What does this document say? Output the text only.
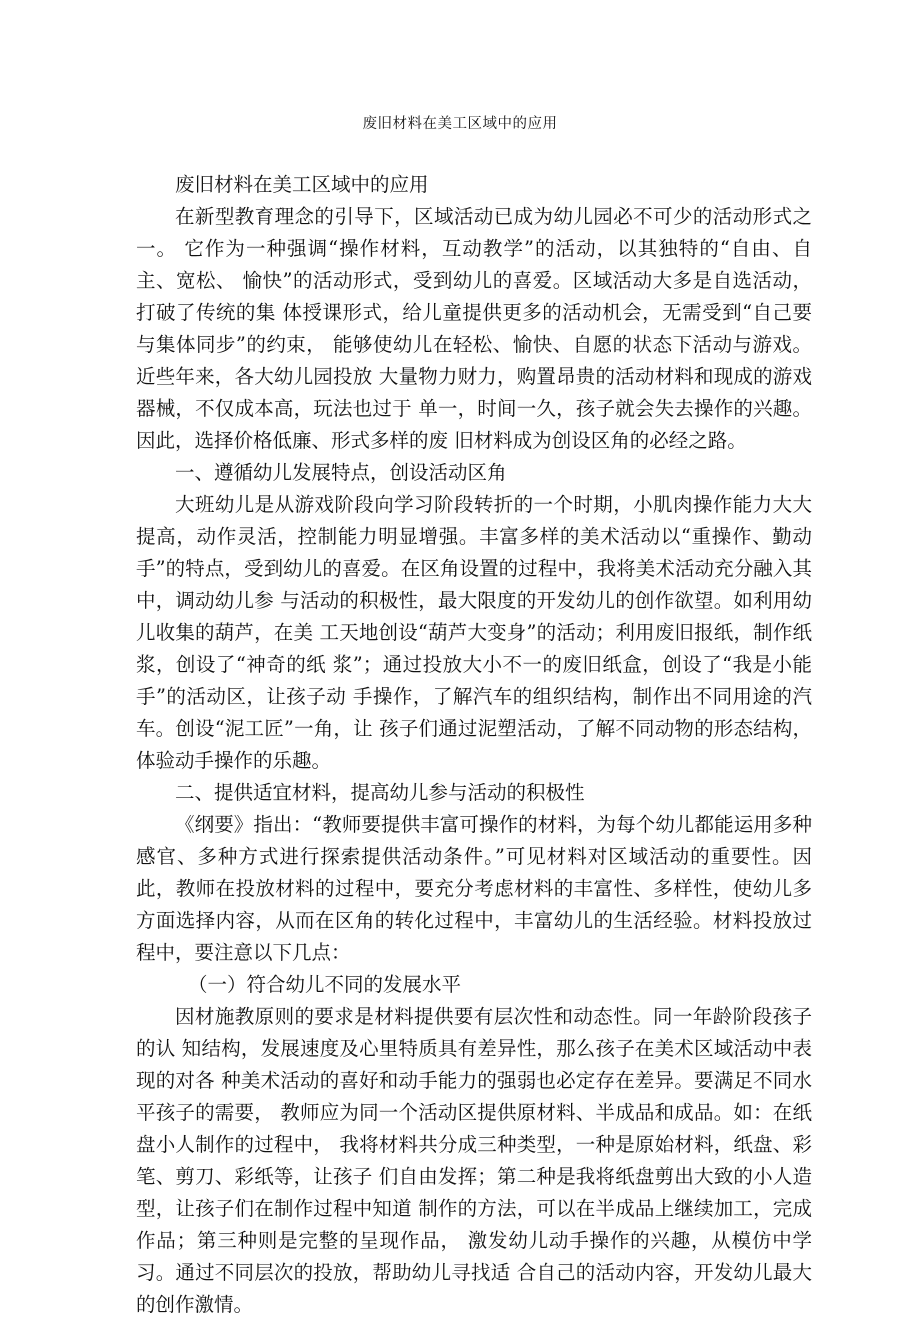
废旧材料在美工区域中的应用

废旧材料在美工区域中的应用

在新型教育理念的引导下，区域活动已成为幼儿园必不可少的活动形式之一。 它作为一种强调“操作材料，互动教学”的活动，以其独特的“自由、自主、宽松、 愉快”的活动形式，受到幼儿的喜爱。区域活动大多是自选活动，打破了传统的集 体授课形式，给儿童提供更多的活动机会，无需受到“自己要与集体同步”的约束， 能够使幼儿在轻松、愉快、自愿的状态下活动与游戏。近些年来，各大幼儿园投放 大量物力财力，购置昂贵的活动材料和现成的游戏器械，不仅成本高，玩法也过于 单一，时间一久，孩子就会失去操作的兴趣。因此，选择价格低廉、形式多样的废 旧材料成为创设区角的必经之路。

一、遵循幼儿发展特点，创设活动区角

大班幼儿是从游戏阶段向学习阶段转折的一个时期，小肌肉操作能力大大提高，动作灵活，控制能力明显增强。丰富多样的美术活动以“重操作、勤动手”的特点，受到幼儿的喜爱。在区角设置的过程中，我将美术活动充分融入其中，调动幼儿参 与活动的积极性，最大限度的开发幼儿的创作欲望。如利用幼儿收集的葫芦，在美 工天地创设“葫芦大变身”的活动；利用废旧报纸，制作纸浆，创设了“神奇的纸 浆”；通过投放大小不一的废旧纸盒，创设了“我是小能手”的活动区，让孩子动 手操作，了解汽车的组织结构，制作出不同用途的汽车。创设“泥工匠”一角，让 孩子们通过泥塑活动，了解不同动物的形态结构，体验动手操作的乐趣。

二、提供适宜材料，提高幼儿参与活动的积极性

《纲要》指出：“教师要提供丰富可操作的材料，为每个幼儿都能运用多种感官、多种方式进行探索提供活动条件。”可见材料对区域活动的重要性。因此，教师在投放材料的过程中，要充分考虑材料的丰富性、多样性，使幼儿多方面选择内容，从而在区角的转化过程中，丰富幼儿的生活经验。材料投放过程中，要注意以下几点：

（一）符合幼儿不同的发展水平

因材施教原则的要求是材料提供要有层次性和动态性。同一年龄阶段孩子的认 知结构，发展速度及心里特质具有差异性，那么孩子在美术区域活动中表现的对各 种美术活动的喜好和动手能力的强弱也必定存在差异。要满足不同水平孩子的需要， 教师应为同一个活动区提供原材料、半成品和成品。如：在纸盘小人制作的过程中， 我将材料共分成三种类型，一种是原始材料，纸盘、彩笔、剪刀、彩纸等，让孩子 们自由发挥；第二种是我将纸盘剪出大致的小人造型，让孩子们在制作过程中知道 制作的方法，可以在半成品上继续加工，完成作品；第三种则是完整的呈现作品， 激发幼儿动手操作的兴趣，从模仿中学习。通过不同层次的投放，帮助幼儿寻找适 合自己的活动内容，开发幼儿最大的创作激情。
